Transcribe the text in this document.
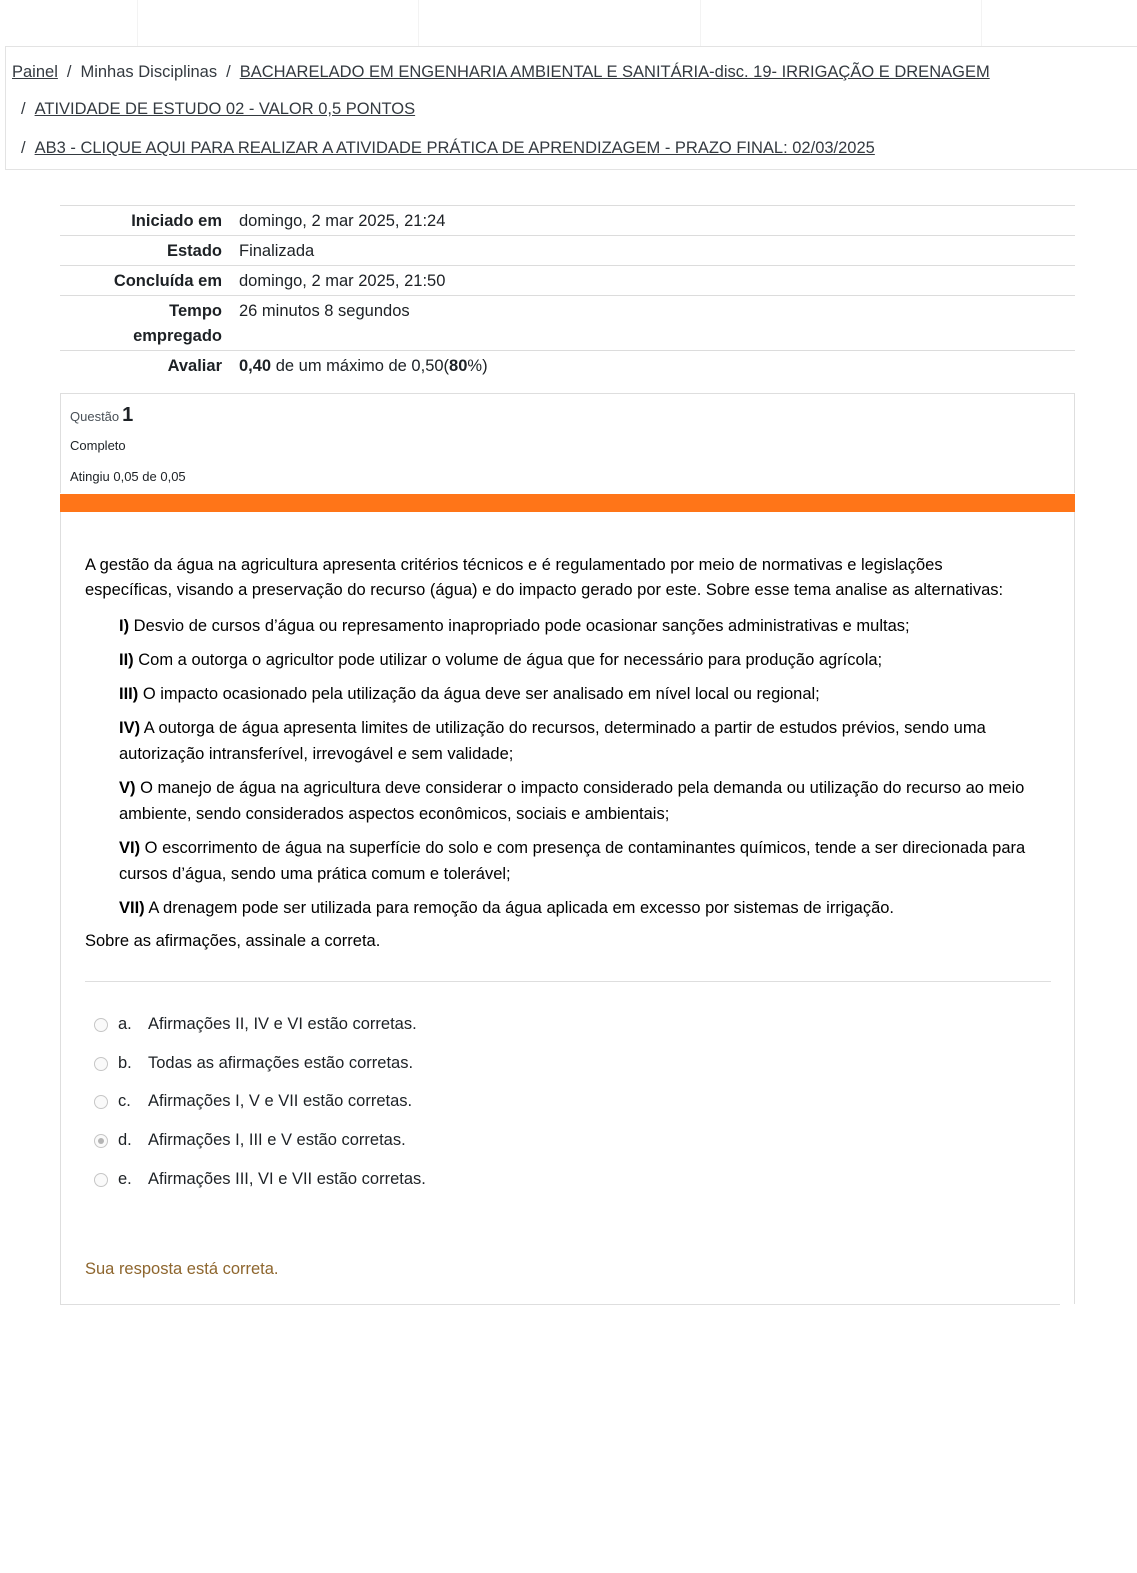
Painel / Minhas Disciplinas / BACHARELADO EM ENGENHARIA AMBIENTAL E SANITÁRIA-disc. 19- IRRIGAÇÃO E DRENAGEM
/ ATIVIDADE DE ESTUDO 02 - VALOR 0,5 PONTOS
/ AB3 - CLIQUE AQUI PARA REALIZAR A ATIVIDADE PRÁTICA DE APRENDIZAGEM - PRAZO FINAL: 02/03/2025
Iniciado em domingo, 2 mar 2025, 21:24
Estado Finalizada
Concluída em domingo, 2 mar 2025, 21:50
Tempo
empregado
26 minutos 8 segundos
Avaliar 0,40 de um máximo de 0,50(80%)
Questão 1
Completo
Atingiu 0,05 de 0,05
A gestão da água na agricultura apresenta critérios técnicos e é regulamentado por meio de normativas e legislações
específicas, visando a preservação do recurso (água) e do impacto gerado por este. Sobre esse tema analise as alternativas:
I) Desvio de cursos d’água ou represamento inapropriado pode ocasionar sanções administrativas e multas;
II) Com a outorga o agricultor pode utilizar o volume de água que for necessário para produção agrícola;
III) O impacto ocasionado pela utilização da água deve ser analisado em nível local ou regional;
IV) A outorga de água apresenta limites de utilização do recursos, determinado a partir de estudos prévios, sendo uma autorização intransferível, irrevogável e sem validade;
V) O manejo de água na agricultura deve considerar o impacto considerado pela demanda ou utilização do recurso ao meio ambiente, sendo considerados aspectos econômicos, sociais e ambientais;
VI) O escorrimento de água na superfície do solo e com presença de contaminantes químicos, tende a ser direcionada para cursos d’água, sendo uma prática comum e tolerável;
VII) A drenagem pode ser utilizada para remoção da água aplicada em excesso por sistemas de irrigação.
Sobre as afirmações, assinale a correta.
a. Afirmações II, IV e VI estão corretas.
b. Todas as afirmações estão corretas.
c. Afirmações I, V e VII estão corretas.
d. Afirmações I, III e V estão corretas.
e. Afirmações III, VI e VII estão corretas.
Sua resposta está correta.
